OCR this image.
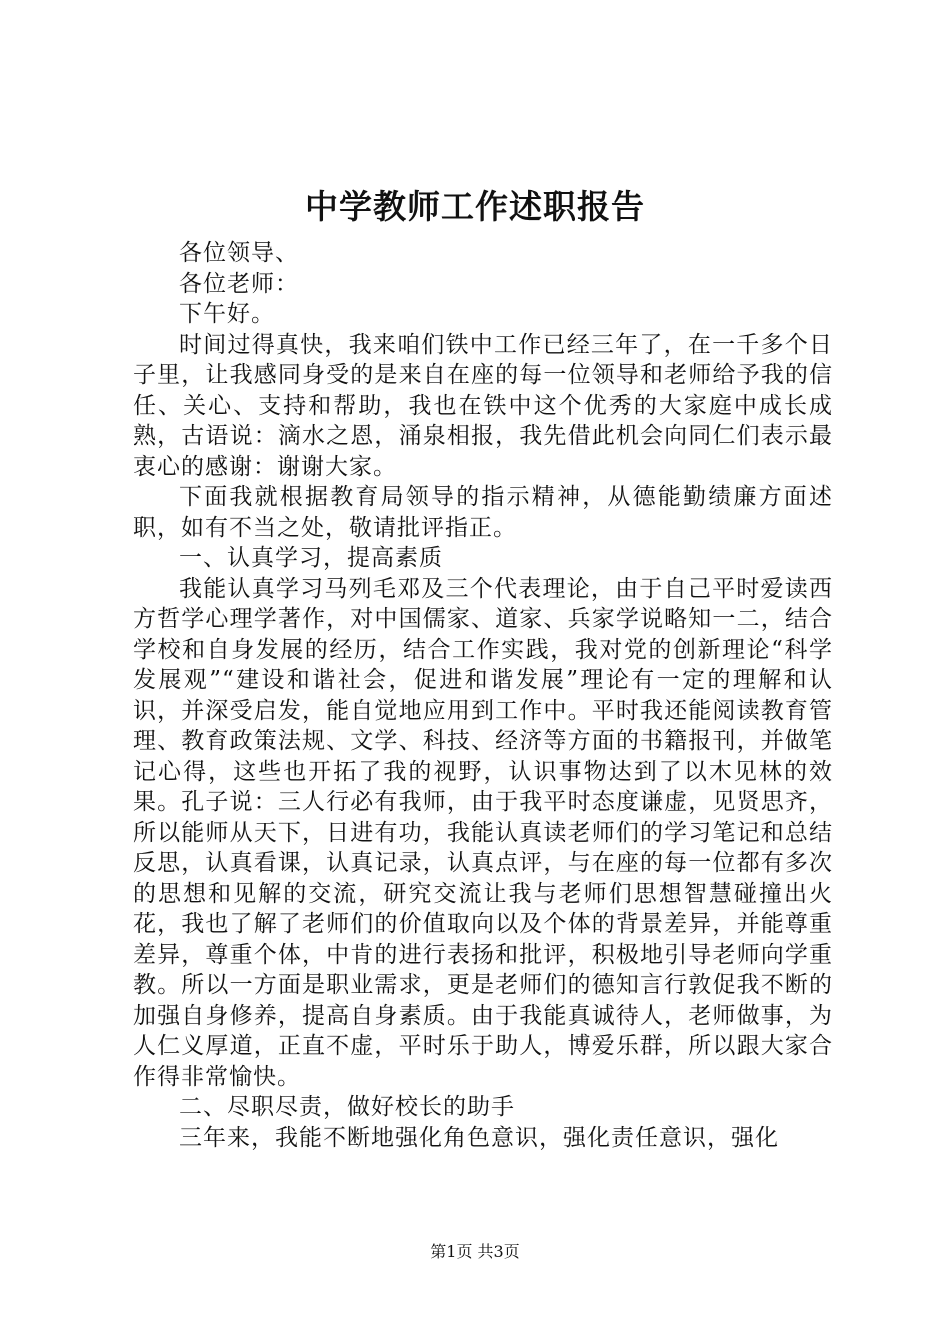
中学教师工作述职报告

各位领导、

各位老师：

下午好。

时间过得真快，我来咱们铁中工作已经三年了，在一千多个日子里，让我感同身受的是来自在座的每一位领导和老师给予我的信任、关心、支持和帮助，我也在铁中这个优秀的大家庭中成长成熟，古语说：滴水之恩，涌泉相报，我先借此机会向同仁们表示最衷心的感谢：谢谢大家。

下面我就根据教育局领导的指示精神，从德能勤绩廉方面述职，如有不当之处，敬请批评指正。

一、认真学习，提高素质

我能认真学习马列毛邓及三个代表理论，由于自己平时爱读西方哲学心理学著作，对中国儒家、道家、兵家学说略知一二，结合学校和自身发展的经历，结合工作实践，我对党的创新理论“科学发展观”“建设和谐社会，促进和谐发展”理论有一定的理解和认识，并深受启发，能自觉地应用到工作中。平时我还能阅读教育管理、教育政策法规、文学、科技、经济等方面的书籍报刊，并做笔记心得，这些也开拓了我的视野，认识事物达到了以木见林的效果。孔子说：三人行必有我师，由于我平时态度谦虚，见贤思齐，所以能师从天下，日进有功，我能认真读老师们的学习笔记和总结反思，认真看课，认真记录，认真点评，与在座的每一位都有多次的思想和见解的交流，研究交流让我与老师们思想智慧碰撞出火花，我也了解了老师们的价值取向以及个体的背景差异，并能尊重差异，尊重个体，中肯的进行表扬和批评，积极地引导老师向学重教。所以一方面是职业需求，更是老师们的德知言行敦促我不断的加强自身修养，提高自身素质。由于我能真诚待人，老师做事，为人仁义厚道，正直不虚，平时乐于助人，博爱乐群，所以跟大家合作得非常愉快。

二、尽职尽责，做好校长的助手

三年来，我能不断地强化角色意识，强化责任意识，强化

第1页 共3页
